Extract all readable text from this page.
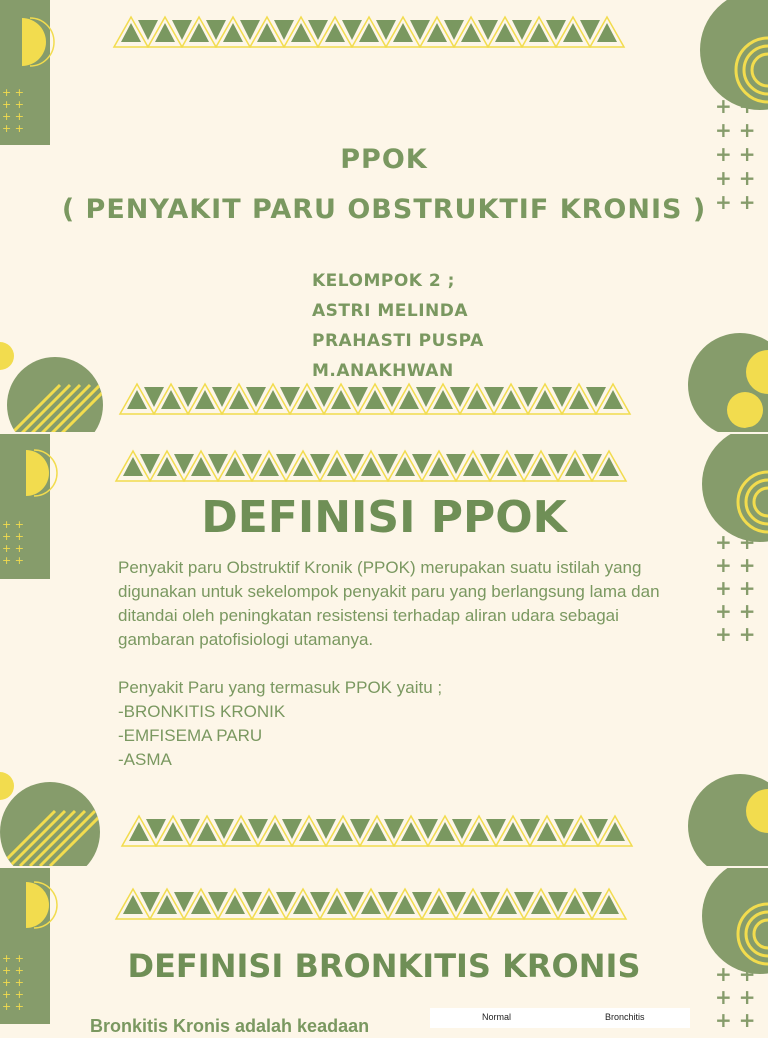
+ +
+ +
+ +
+ +
+ +
+ +
+ +
+ +
+ +
PPOK
( PENYAKIT PARU OBSTRUKTIF KRONIS )
KELOMPOK 2 ;
ASTRI MELINDA
PRAHASTI PUSPA
M.ANAKHWAN
+ +
+ +
+ +
+ +
+ +
+ +
+ +
+ +
+ +
DEFINISI PPOK

Penyakit paru Obstruktif Kronik (PPOK) merupakan suatu istilah yang digunakan untuk sekelompok penyakit paru yang berlangsung lama dan ditandai oleh peningkatan resistensi terhadap aliran udara sebagai gambaran patofisiologi utamanya.

Penyakit Paru yang termasuk PPOK yaitu ;

-BRONKITIS KRONIK

-EMFISEMA PARU

-ASMA

+ +
+ +
+ +
+ +
+ +
+ +
+ +
+ +
DEFINISI BRONKITIS KRONIS
Bronkitis Kronis adalah keadaan	Normal	Bronchitis
